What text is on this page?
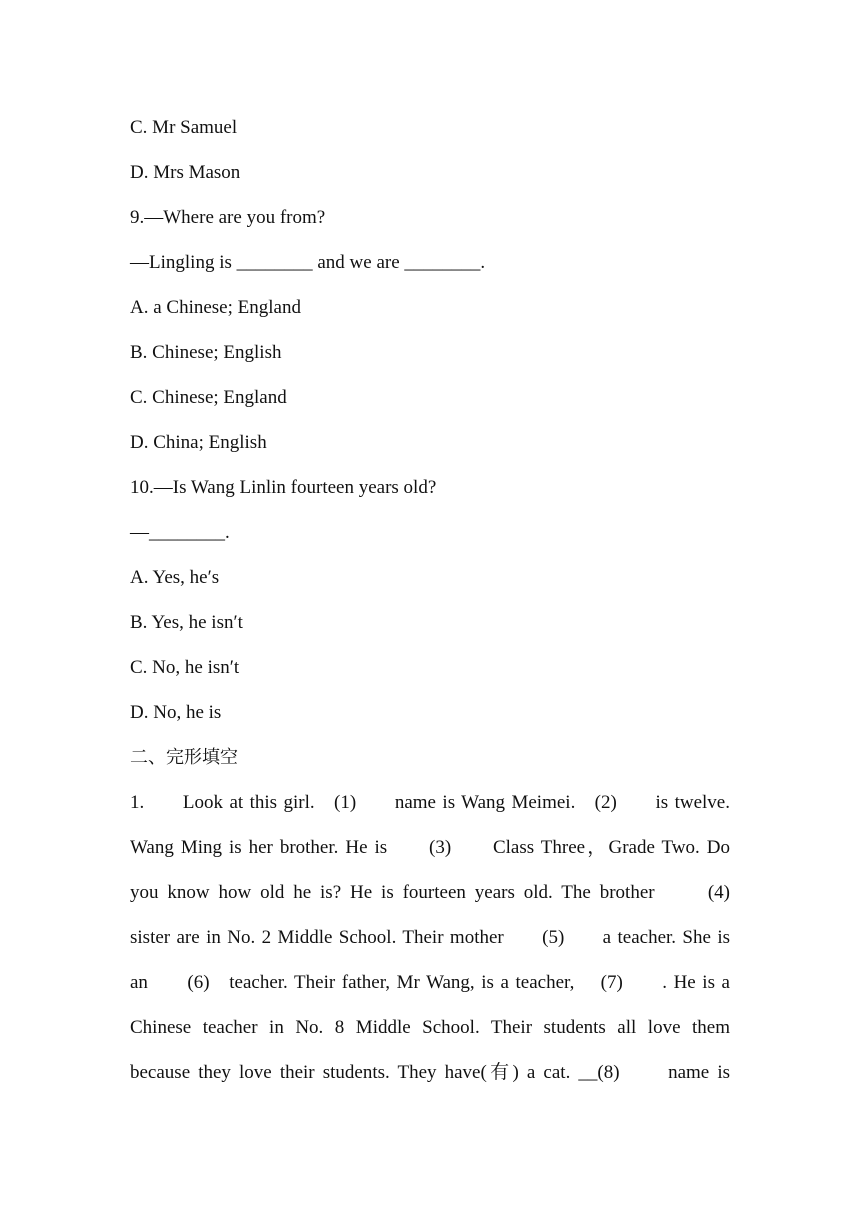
C. Mr Samuel
D. Mrs Mason
9.—Where are you from?
—Lingling is ________ and we are ________.
A. a Chinese; England
B. Chinese; English
C. Chinese; England
D. China; English
10.—Is Wang Linlin fourteen years old?
—________.
A. Yes, he′s
B. Yes, he isn′t
C. No, he isn′t
D. No, he is
二、完形填空
1.      Look at this girl.   (1)      name is Wang Meimei.   (2)      is twelve.
Wang Ming is her brother. He is      (3)      Class Three，Grade Two. Do
you know how old he is? He is fourteen years old. The brother      (4)
sister are in No. 2 Middle School. Their mother      (5)      a teacher. She is
an      (6)   teacher. Their father, Mr Wang, is a teacher,    (7)      . He is a
Chinese teacher in No. 8 Middle School. Their students all love them
because they love their students. They have(有) a cat. __(8)      name is
